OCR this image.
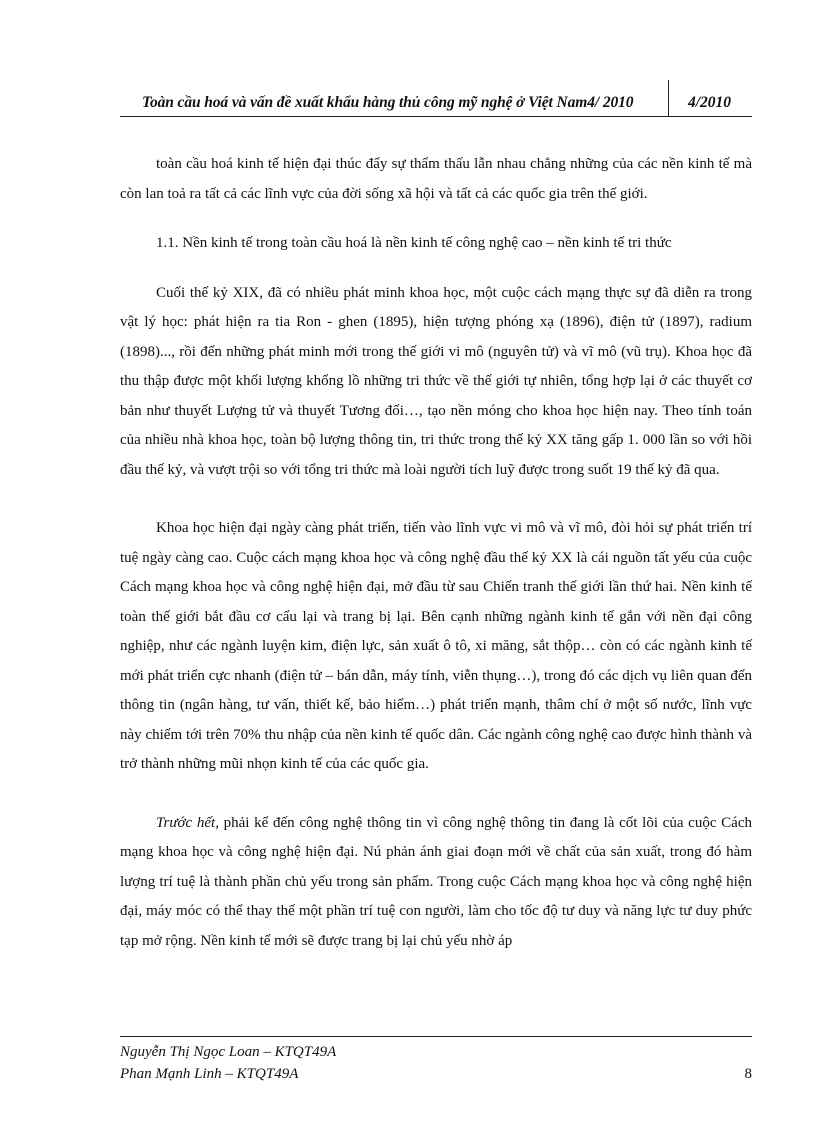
Toàn cầu hoá và vấn đề xuất khẩu hàng thủ công mỹ nghệ ở Việt Nam4/ 2010	4/2010

toàn cầu hoá kinh tế hiện đại thúc đẩy sự thẩm thấu lẫn nhau chẳng những của các nền kinh tế mà còn lan toả ra tất cả các lĩnh vực của đời sống xã hội và tất cả các quốc gia trên thế giới.

1.1. Nền kinh tế trong toàn cầu hoá là nền kinh tế công nghệ cao – nền kinh tế tri thức

Cuối thế kỷ XIX, đã có nhiều phát minh khoa học, một cuộc cách mạng thực sự đã diễn ra trong vật lý học: phát hiện ra tia Ron - ghen (1895), hiện tượng phóng xạ (1896), điện tử (1897), radium (1898)..., rồi đến những phát minh mới trong thế giới vi mô (nguyên tử) và vĩ mô (vũ trụ). Khoa học đã thu thập được một khối lượng khổng lồ những tri thức về thế giới tự nhiên, tổng hợp lại ở các thuyết cơ bản như thuyết Lượng tử và thuyết Tương đối…, tạo nền móng cho khoa học hiện nay. Theo tính toán của nhiều nhà khoa học, toàn bộ lượng thông tin, tri thức trong thế kỷ XX tăng gấp 1. 000 lần so với hồi đầu thế kỷ, và vượt trội so với tổng tri thức mà loài người tích luỹ được trong suốt 19 thế kỷ đã qua.

Khoa học hiện đại ngày càng phát triển, tiến vào lĩnh vực vi mô và vĩ mô, đòi hỏi sự phát triển trí tuệ ngày càng cao. Cuộc cách mạng khoa học và công nghệ đầu thế kỷ XX là cái nguồn tất yếu của cuộc Cách mạng khoa học và công nghệ hiện đại, mở đầu từ sau Chiến tranh thế giới lần thứ hai. Nền kinh tế toàn thế giới bắt đầu cơ cấu lại và trang bị lại. Bên cạnh những ngành kinh tế gắn với nền đại công nghiệp, như các ngành luyện kim, điện lực, sản xuất ô tô, xi măng, sắt thộp… còn có các ngành kinh tế mới phát triển cực nhanh (điện tử – bán dẫn, máy tính, viễn thụng…), trong đó các dịch vụ liên quan đến thông tin (ngân hàng, tư vấn, thiết kế, bảo hiểm…) phát triển mạnh, thâm chí ở một số nước, lĩnh vực này chiếm tới trên 70% thu nhập của nền kinh tế quốc dân. Các ngành công nghệ cao được hình thành và trở thành những mũi nhọn kinh tế của các quốc gia.

Trước hết, phải kể đến công nghệ thông tin vì công nghệ thông tin đang là cốt lõi của cuộc Cách mạng khoa học và công nghệ hiện đại. Nú phản ánh giai đoạn mới về chất của sản xuất, trong đó hàm lượng trí tuệ là thành phần chủ yếu trong sản phẩm. Trong cuộc Cách mạng khoa học và công nghệ hiện đại, máy móc có thể thay thế một phần trí tuệ con người, làm cho tốc độ tư duy và năng lực tư duy phức tạp mở rộng. Nền kinh tế mới sẽ được trang bị lại chủ yếu nhờ áp

Nguyễn Thị Ngọc Loan – KTQT49A
Phan Mạnh Linh – KTQT49A	8
